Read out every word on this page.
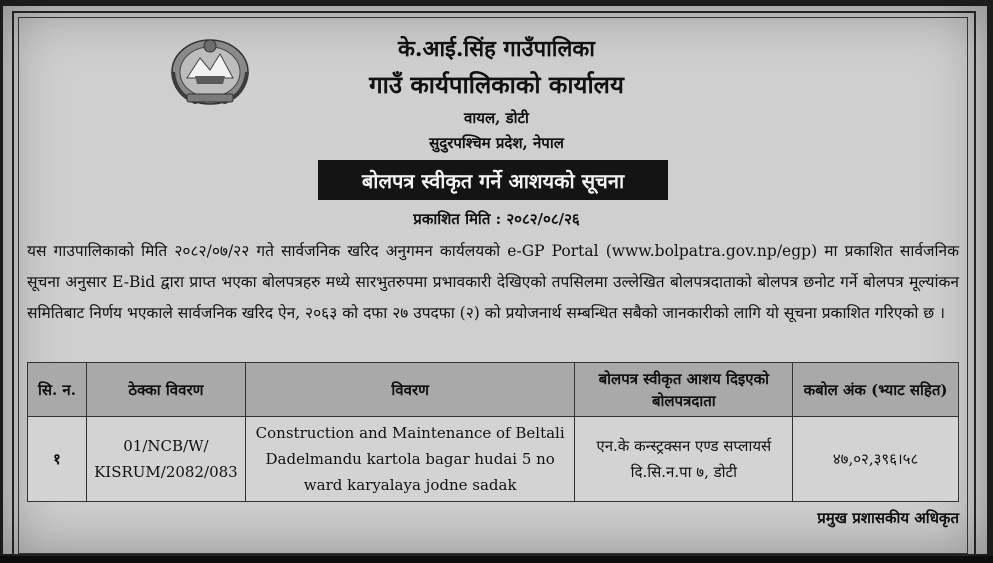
के.आई.सिंह गाउँपालिका
गाउँ कार्यपालिकाको कार्यालय
वायल, डोटी
सुदुरपश्चिम प्रदेश, नेपाल
बोलपत्र स्वीकृत गर्ने आशयको सूचना
प्रकाशित मिति : २०८२/०८/२६
यस गाउपालिकाको मिति २०८२/०७/२२ गते सार्वजनिक खरिद अनुगमन कार्यलयको e-GP Portal (www.bolpatra.gov.np/egp) मा प्रकाशित सार्वजनिक सूचना अनुसार E-Bid द्वारा प्राप्त भएका बोलपत्रहरु मध्ये सारभुतरुपमा प्रभावकारी देखिएको तपसिलमा उल्लेखित बोलपत्रदाताको बोलपत्र छनोट गर्ने बोलपत्र मूल्यांकन समितिबाट निर्णय भएकाले सार्वजनिक खरिद ऐन, २०६३ को दफा २७ उपदफा (२) को प्रयोजनार्थ सम्बन्धित सबैको जानकारीको लागि यो सूचना प्रकाशित गरिएको छ ।
सि. न.	ठेक्का विवरण	विवरण	बोलपत्र स्वीकृत आशय दिइएको बोलपत्रदाता	कबोल अंक (भ्याट सहित)
१	01/NCB/W/ KISRUM/2082/083	Construction and Maintenance of Beltali Dadelmandu kartola bagar hudai 5 no ward karyalaya jodne sadak	एन.के कन्स्ट्रक्सन एण्ड सप्लायर्स दि.सि.न.पा ७, डोटी	४७,०२,३९६।५८
प्रमुख प्रशासकीय अधिकृत
